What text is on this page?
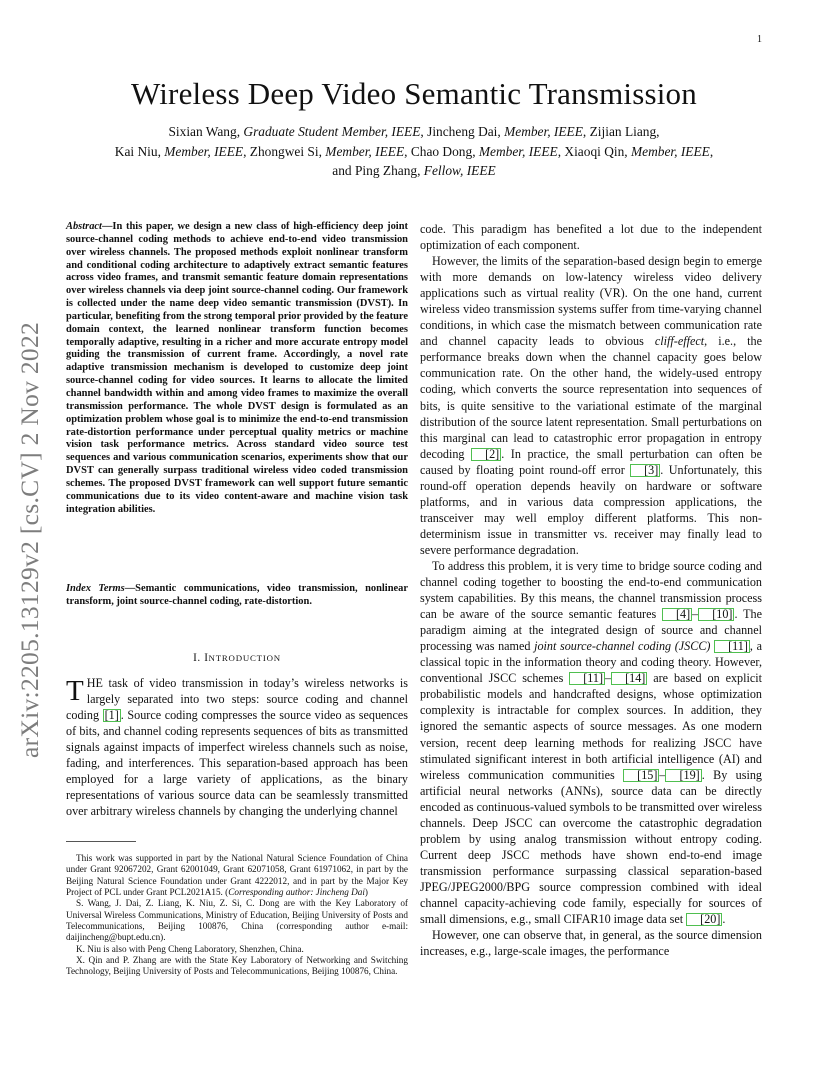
1
arXiv:2205.13129v2 [cs.CV] 2 Nov 2022
Wireless Deep Video Semantic Transmission
Sixian Wang, Graduate Student Member, IEEE, Jincheng Dai, Member, IEEE, Zijian Liang,
Kai Niu, Member, IEEE, Zhongwei Si, Member, IEEE, Chao Dong, Member, IEEE, Xiaoqi Qin, Member, IEEE,
and Ping Zhang, Fellow, IEEE
Abstract—In this paper, we design a new class of high-efficiency deep joint source-channel coding methods to achieve end-to-end video transmission over wireless channels. The proposed methods exploit nonlinear transform and conditional coding architecture to adaptively extract semantic features across video frames, and transmit semantic feature domain representations over wireless channels via deep joint source-channel coding. Our framework is collected under the name deep video semantic transmission (DVST). In particular, benefiting from the strong temporal prior provided by the feature domain context, the learned nonlinear transform function becomes temporally adaptive, resulting in a richer and more accurate entropy model guiding the transmission of current frame. Accordingly, a novel rate adaptive transmission mechanism is developed to customize deep joint source-channel coding for video sources. It learns to allocate the limited channel bandwidth within and among video frames to maximize the overall transmission performance. The whole DVST design is formulated as an optimization problem whose goal is to minimize the end-to-end transmission rate-distortion performance under perceptual quality metrics or machine vision task performance metrics. Across standard video source test sequences and various communication scenarios, experiments show that our DVST can generally surpass traditional wireless video coded transmission schemes. The proposed DVST framework can well support future semantic communications due to its video content-aware and machine vision task integration abilities.
Index Terms—Semantic communications, video transmission, nonlinear transform, joint source-channel coding, rate-distortion.
I. INTRODUCTION
THE task of video transmission in today’s wireless networks is largely separated into two steps: source coding and channel coding [1] . Source coding compresses the source video as sequences of bits, and channel coding represents sequences of bits as transmitted signals against impacts of imperfect wireless channels such as noise, fading, and interferences. This separation-based approach has been employed for a large variety of applications, as the binary representations of various source data can be seamlessly transmitted over arbitrary wireless channels by changing the underlying channel

This work was supported in part by the National Natural Science Foundation of China under Grant 92067202, Grant 62001049, Grant 62071058, Grant 61971062, in part by the Beijing Natural Science Foundation under Grant 4222012, and in part by the Major Key Project of PCL under Grant PCL2021A15. (Corresponding author: Jincheng Dai)

S. Wang, J. Dai, Z. Liang, K. Niu, Z. Si, C. Dong are with the Key Laboratory of Universal Wireless Communications, Ministry of Education, Beijing University of Posts and Telecommunications, Beijing 100876, China (corresponding author e-mail: daijincheng@bupt.edu.cn).

K. Niu is also with Peng Cheng Laboratory, Shenzhen, China.

X. Qin and P. Zhang are with the State Key Laboratory of Networking and Switching Technology, Beijing University of Posts and Telecommunications, Beijing 100876, China.

code. This paradigm has benefited a lot due to the independent optimization of each component.

However, the limits of the separation-based design begin to emerge with more demands on low-latency wireless video delivery applications such as virtual reality (VR). On the one hand, current wireless video transmission systems suffer from time-varying channel conditions, in which case the mismatch between communication rate and channel capacity leads to obvious cliff-effect, i.e., the performance breaks down when the channel capacity goes below communication rate. On the other hand, the widely-used entropy coding, which converts the source representation into sequences of bits, is quite sensitive to the variational estimate of the marginal distribution of the source latent representation. Small perturbations on this marginal can lead to catastrophic error propagation in entropy decoding [2] . In practice, the small perturbation can often be caused by floating point round-off error [3] . Unfortunately, this round-off operation depends heavily on hardware or software platforms, and in various data compression applications, the transceiver may well employ different platforms. This non-determinism issue in transmitter vs. receiver may finally lead to severe performance degradation.

To address this problem, it is very time to bridge source coding and channel coding together to boosting the end-to-end communication system capabilities. By this means, the channel transmission process can be aware of the source semantic features [4] – [10] . The paradigm aiming at the integrated design of source and channel processing was named joint source-channel coding (JSCC) [11] , a classical topic in the information theory and coding theory. However, conventional JSCC schemes [11] – [14] are based on explicit probabilistic models and handcrafted designs, whose optimization complexity is intractable for complex sources. In addition, they ignored the semantic aspects of source messages. As one modern version, recent deep learning methods for realizing JSCC have stimulated significant interest in both artificial intelligence (AI) and wireless communication communities [15] – [19] . By using artificial neural networks (ANNs), source data can be directly encoded as continuous-valued symbols to be transmitted over wireless channels. Deep JSCC can overcome the catastrophic degradation problem by using analog transmission without entropy coding. Current deep JSCC methods have shown end-to-end image transmission performance surpassing classical separation-based JPEG/JPEG2000/BPG source compression combined with ideal channel capacity-achieving code family, especially for sources of small dimensions, e.g., small CIFAR10 image data set [20] .

However, one can observe that, in general, as the source dimension increases, e.g., large-scale images, the performance
